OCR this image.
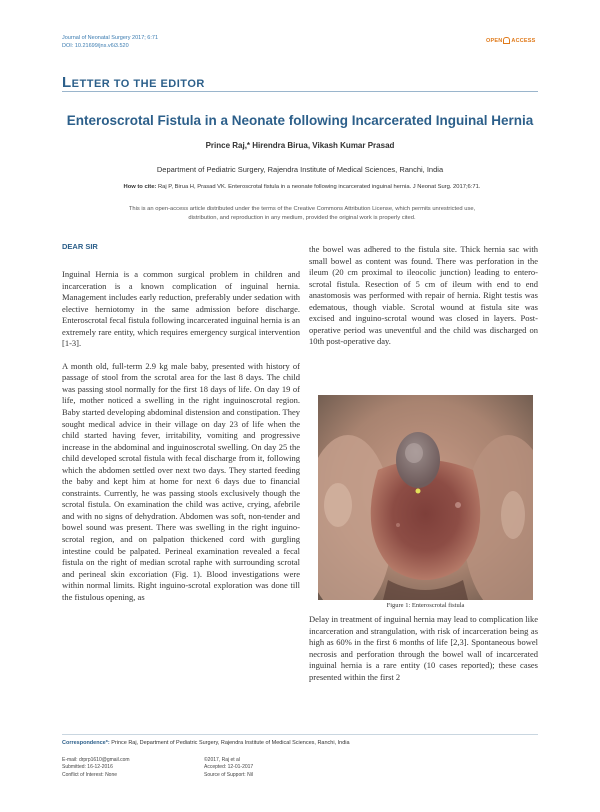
Journal of Neonatal Surgery 2017; 6:71
DOI: 10.21699/jns.v6i3.520
OPEN ACCESS
LETTER TO THE EDITOR
Enteroscrotal Fistula in a Neonate following Incarcerated Inguinal Hernia
Prince Raj,* Hirendra Birua, Vikash Kumar Prasad
Department of Pediatric Surgery, Rajendra Institute of Medical Sciences, Ranchi, India
How to cite: Raj P, Birua H, Prasad VK. Enteroscrotal fistula in a neonate following incarcerated inguinal hernia. J Neonat Surg. 2017;6:71.
This is an open-access article distributed under the terms of the Creative Commons Attribution License, which permits unrestricted use,
distribution, and reproduction in any medium, provided the original work is properly cited.
DEAR SIR

Inguinal Hernia is a common surgical problem in children and incarceration is a known complication of inguinal hernia. Management includes early reduction, preferably under sedation with elective herniotomy in the same admission before discharge. Enteroscrotal fecal fistula following incarcerated inguinal hernia is an extremely rare entity, which requires emergency surgical intervention [1-3].

A month old, full-term 2.9 kg male baby, presented with history of passage of stool from the scrotal area for the last 8 days. The child was passing stool normally for the first 18 days of life. On day 19 of life, mother noticed a swelling in the right inguinoscrotal region. Baby started developing abdominal distension and constipation. They sought medical advice in their village on day 23 of life when the child started having fever, irritability, vomiting and progressive increase in the abdominal and inguinoscrotal swelling. On day 25 the child developed scrotal fistula with fecal discharge from it, following which the abdomen settled over next two days. They started feeding the baby and kept him at home for next 6 days due to financial constraints. Currently, he was passing stools exclusively though the scrotal fistula. On examination the child was active, crying, afebrile and with no signs of dehydration. Abdomen was soft, non-tender and bowel sound was present. There was swelling in the right inguino-scrotal region, and on palpation thickened cord with gurgling intestine could be palpated. Perineal examination revealed a fecal fistula on the right of median scrotal raphe with surrounding scrotal and perineal skin excoriation (Fig. 1). Blood investigations were within normal limits. Right inguino-scrotal exploration was done till the fistulous opening, as

the bowel was adhered to the fistula site. Thick hernia sac with small bowel as content was found. There was perforation in the ileum (20 cm proximal to ileocolic junction) leading to entero-scrotal fistula. Resection of 5 cm of ileum with end to end anastomosis was performed with repair of hernia. Right testis was edematous, though viable. Scrotal wound at fistula site was excised and inguino-scrotal wound was closed in layers. Post-operative period was uneventful and the child was discharged on 10th post-operative day.

Figure 1: Enteroscrotal fistula

Delay in treatment of inguinal hernia may lead to complication like incarceration and strangulation, with risk of incarceration being as high as 60% in the first 6 months of life [2,3]. Spontaneous bowel necrosis and perforation through the bowel wall of incarcerated inguinal hernia is a rare entity (10 cases reported); these cases presented within the first 2

Correspondence*: Prince Raj, Department of Pediatric Surgery, Rajendra Institute of Medical Sciences, Ranchi, India
E-mail: drprp1610@gmail.com
Submitted: 16-12-2016
Conflict of Interest: None
©2017, Raj et al
Accepted: 12-01-2017
Source of Support: Nil
